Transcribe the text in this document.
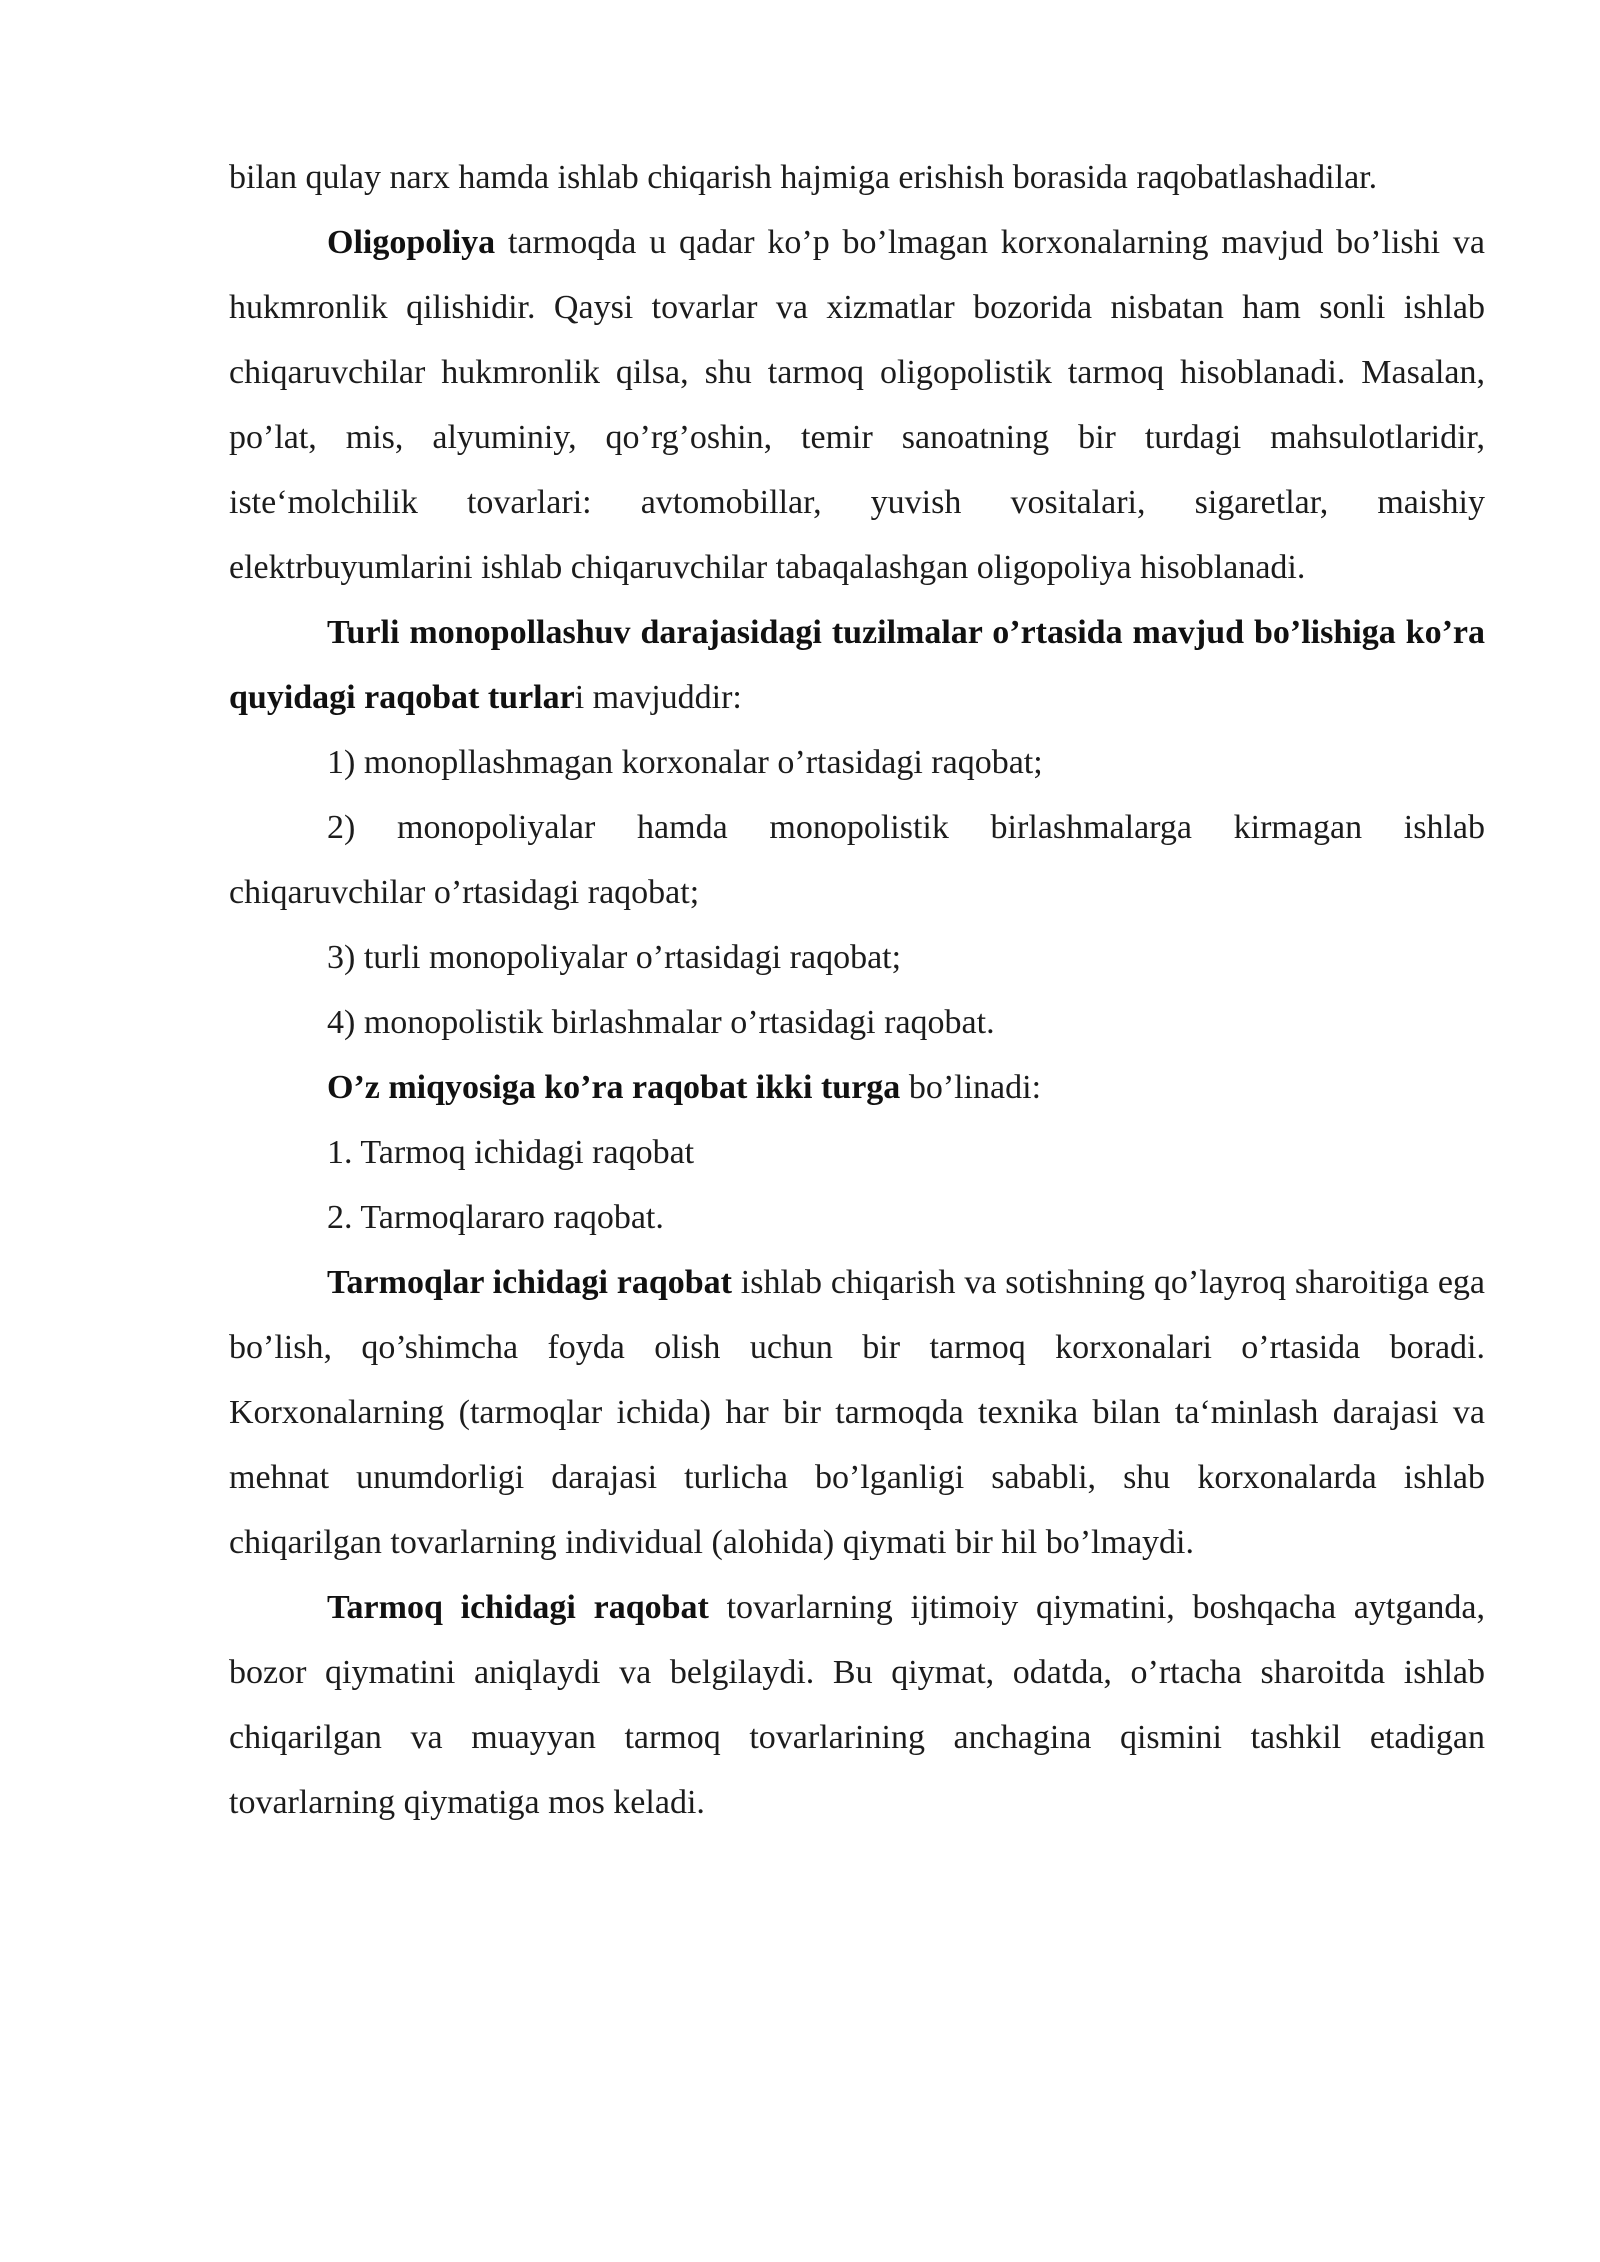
bilan qulay narx hamda ishlab chiqarish hajmiga erishish borasida raqobatlashadilar.

Oligopoliya tarmoqda u qadar ko’p bo’lmagan korxonalarning mavjud bo’lishi va hukmronlik qilishidir. Qaysi tovarlar va xizmatlar bozorida nisbatan ham sonli ishlab chiqaruvchilar hukmronlik qilsa, shu tarmoq oligopolistik tarmoq hisoblanadi. Masalan, po’lat, mis, alyuminiy, qo’rg’oshin, temir sanoatning bir turdagi mahsulotlaridir, iste‘molchilik tovarlari: avtomobillar, yuvish vositalari, sigaretlar, maishiy elektrbuyumlarini ishlab chiqaruvchilar tabaqalashgan oligopoliya hisoblanadi.

Turli monopollashuv darajasidagi tuzilmalar o’rtasida mavjud bo’lishiga ko’ra quyidagi raqobat turlari mavjuddir:

1) monopllashmagan korxonalar o’rtasidagi raqobat;

2) monopoliyalar hamda monopolistik birlashmalarga kirmagan ishlab chiqaruvchilar o’rtasidagi raqobat;

3) turli monopoliyalar o’rtasidagi raqobat;

4) monopolistik birlashmalar o’rtasidagi raqobat.

O’z miqyosiga ko’ra raqobat ikki turga bo’linadi:

1. Tarmoq ichidagi raqobat

2. Tarmoqlararo raqobat.

Tarmoqlar ichidagi raqobat ishlab chiqarish va sotishning qo’layroq sharoitiga ega bo’lish, qo’shimcha foyda olish uchun bir tarmoq korxonalari o’rtasida boradi. Korxonalarning (tarmoqlar ichida) har bir tarmoqda texnika bilan ta‘minlash darajasi va mehnat unumdorligi darajasi turlicha bo’lganligi sababli, shu korxonalarda ishlab chiqarilgan tovarlarning individual (alohida) qiymati bir hil bo’lmaydi.

Tarmoq ichidagi raqobat tovarlarning ijtimoiy qiymatini, boshqacha aytganda, bozor qiymatini aniqlaydi va belgilaydi. Bu qiymat, odatda, o’rtacha sharoitda ishlab chiqarilgan va muayyan tarmoq tovarlarining anchagina qismini tashkil etadigan tovarlarning qiymatiga mos keladi.
